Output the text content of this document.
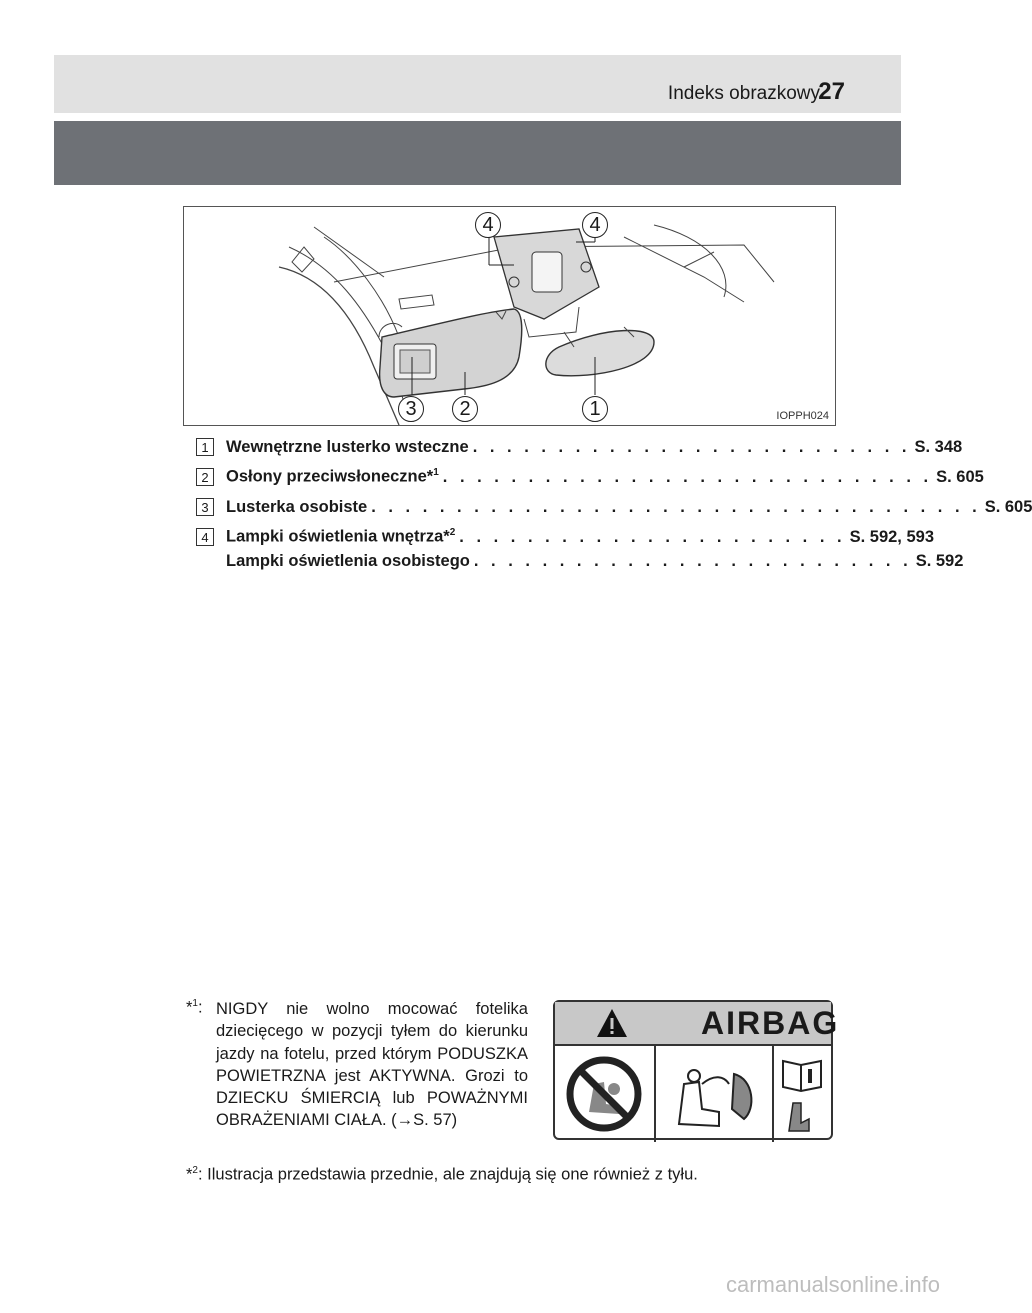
Indeks obrazkowy
27
4	4
3	2	1	IOPPH024
1	Wewnętrzne lusterko wsteczne . . . . . . . . . . . . . . . . . . . . . . . . . . S. 348
2	Osłony przeciwsłoneczne*$^1$ . . . . . . . . . . . . . . . . . . . . . . . . . . . . . S. 605
3	Lusterka osobiste . . . . . . . . . . . . . . . . . . . . . . . . . . . . . . . . . . . . S. 605
4	Lampki oświetlenia wnętrza*$^2$ . . . . . . . . . . . . . . . . . . . . . . . S. 592, 593
Lampki oświetlenia osobistego . . . . . . . . . . . . . . . . . . . . . . . . . . S. 592
*$^1$: NIGDY nie wolno mocować fotelika dziecięcego w pozycji tyłem do kierunku jazdy na fotelu, przed którym PODUSZKA POWIETRZNA jest AKTYWNA. Grozi to DZIECKU ŚMIERCIĄ lub POWAŻNYMI OBRAŻENIAMI CIAŁA. (→S. 57)
AIRBAG
*$^2$: Ilustracja przedstawia przednie, ale znajdują się one również z tyłu.
carmanualsonline.info
